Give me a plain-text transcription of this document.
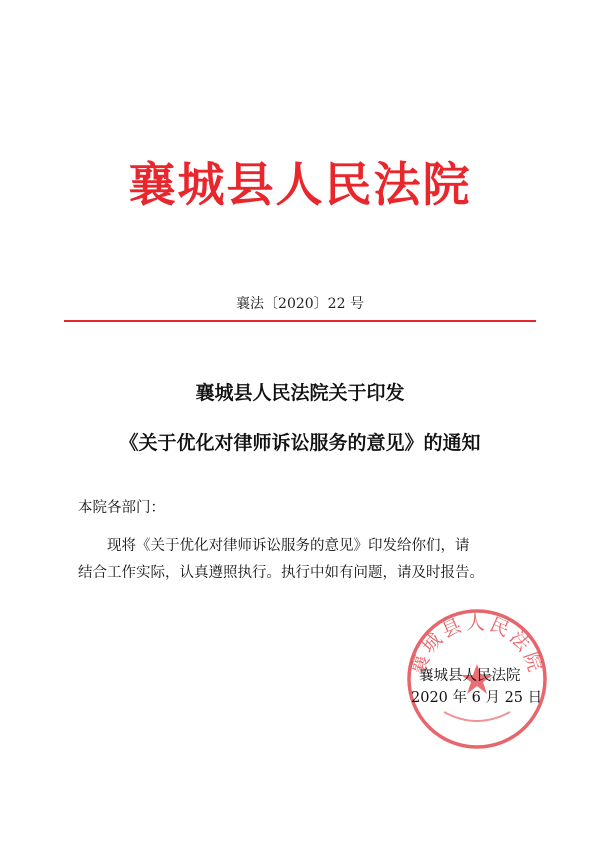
襄城县人民法院
襄法〔2020〕22 号
襄城县人民法院关于印发
《关于优化对律师诉讼服务的意见》的通知
本院各部门：
现将《关于优化对律师诉讼服务的意见》印发给你们，请
结合工作实际，认真遵照执行。执行中如有问题，请及时报告。
襄城县人民法院
襄城县人民法院
2020 年 6 月 25 日
